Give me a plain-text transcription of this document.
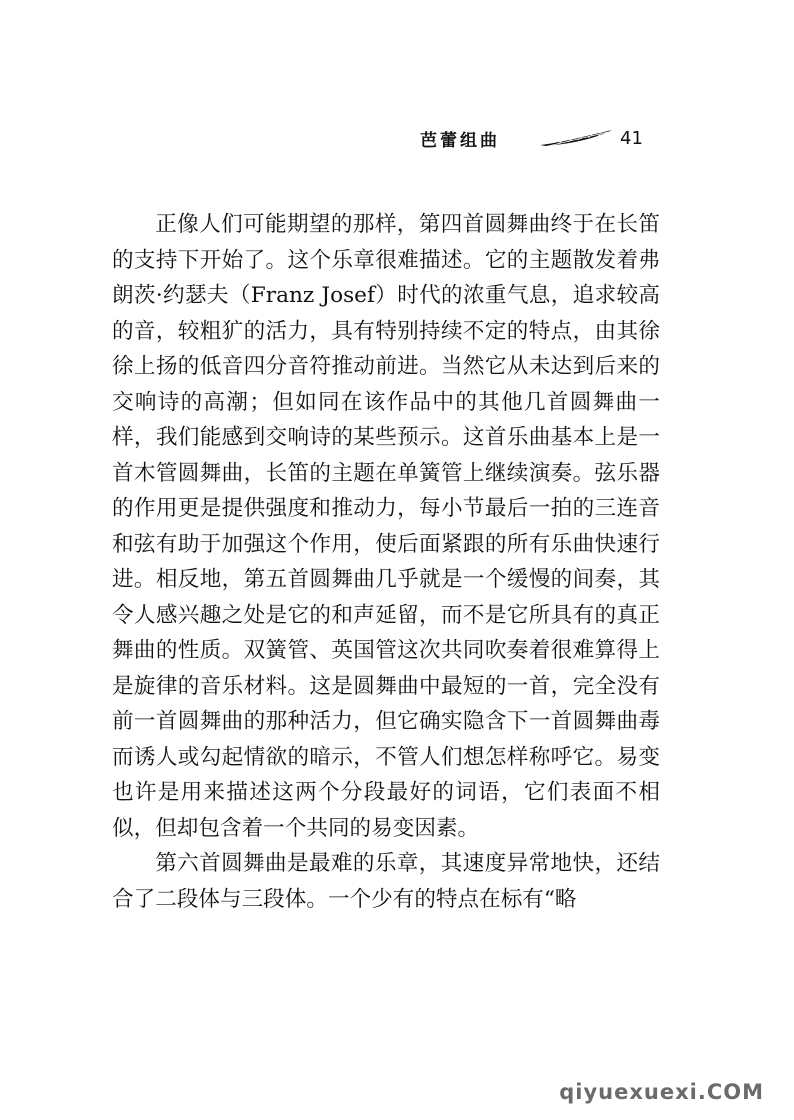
芭蕾组曲	41

正像人们可能期望的那样，第四首圆舞曲终于在长笛的支持下开始了。这个乐章很难描述。它的主题散发着弗朗茨·约瑟夫（Franz Josef）时代的浓重气息，追求较高的音，较粗犷的活力，具有特别持续不定的特点，由其徐徐上扬的低音四分音符推动前进。当然它从未达到后来的交响诗的高潮；但如同在该作品中的其他几首圆舞曲一样，我们能感到交响诗的某些预示。这首乐曲基本上是一首木管圆舞曲，长笛的主题在单簧管上继续演奏。弦乐器的作用更是提供强度和推动力，每小节最后一拍的三连音和弦有助于加强这个作用，使后面紧跟的所有乐曲快速行进。相反地，第五首圆舞曲几乎就是一个缓慢的间奏，其令人感兴趣之处是它的和声延留，而不是它所具有的真正舞曲的性质。双簧管、英国管这次共同吹奏着很难算得上是旋律的音乐材料。这是圆舞曲中最短的一首，完全没有前一首圆舞曲的那种活力，但它确实隐含下一首圆舞曲毒而诱人或勾起情欲的暗示，不管人们想怎样称呼它。易变也许是用来描述这两个分段最好的词语，它们表面不相似，但却包含着一个共同的易变因素。

第六首圆舞曲是最难的乐章，其速度异常地快，还结合了二段体与三段体。一个少有的特点在标有“略

qiyuexuexi.COM
